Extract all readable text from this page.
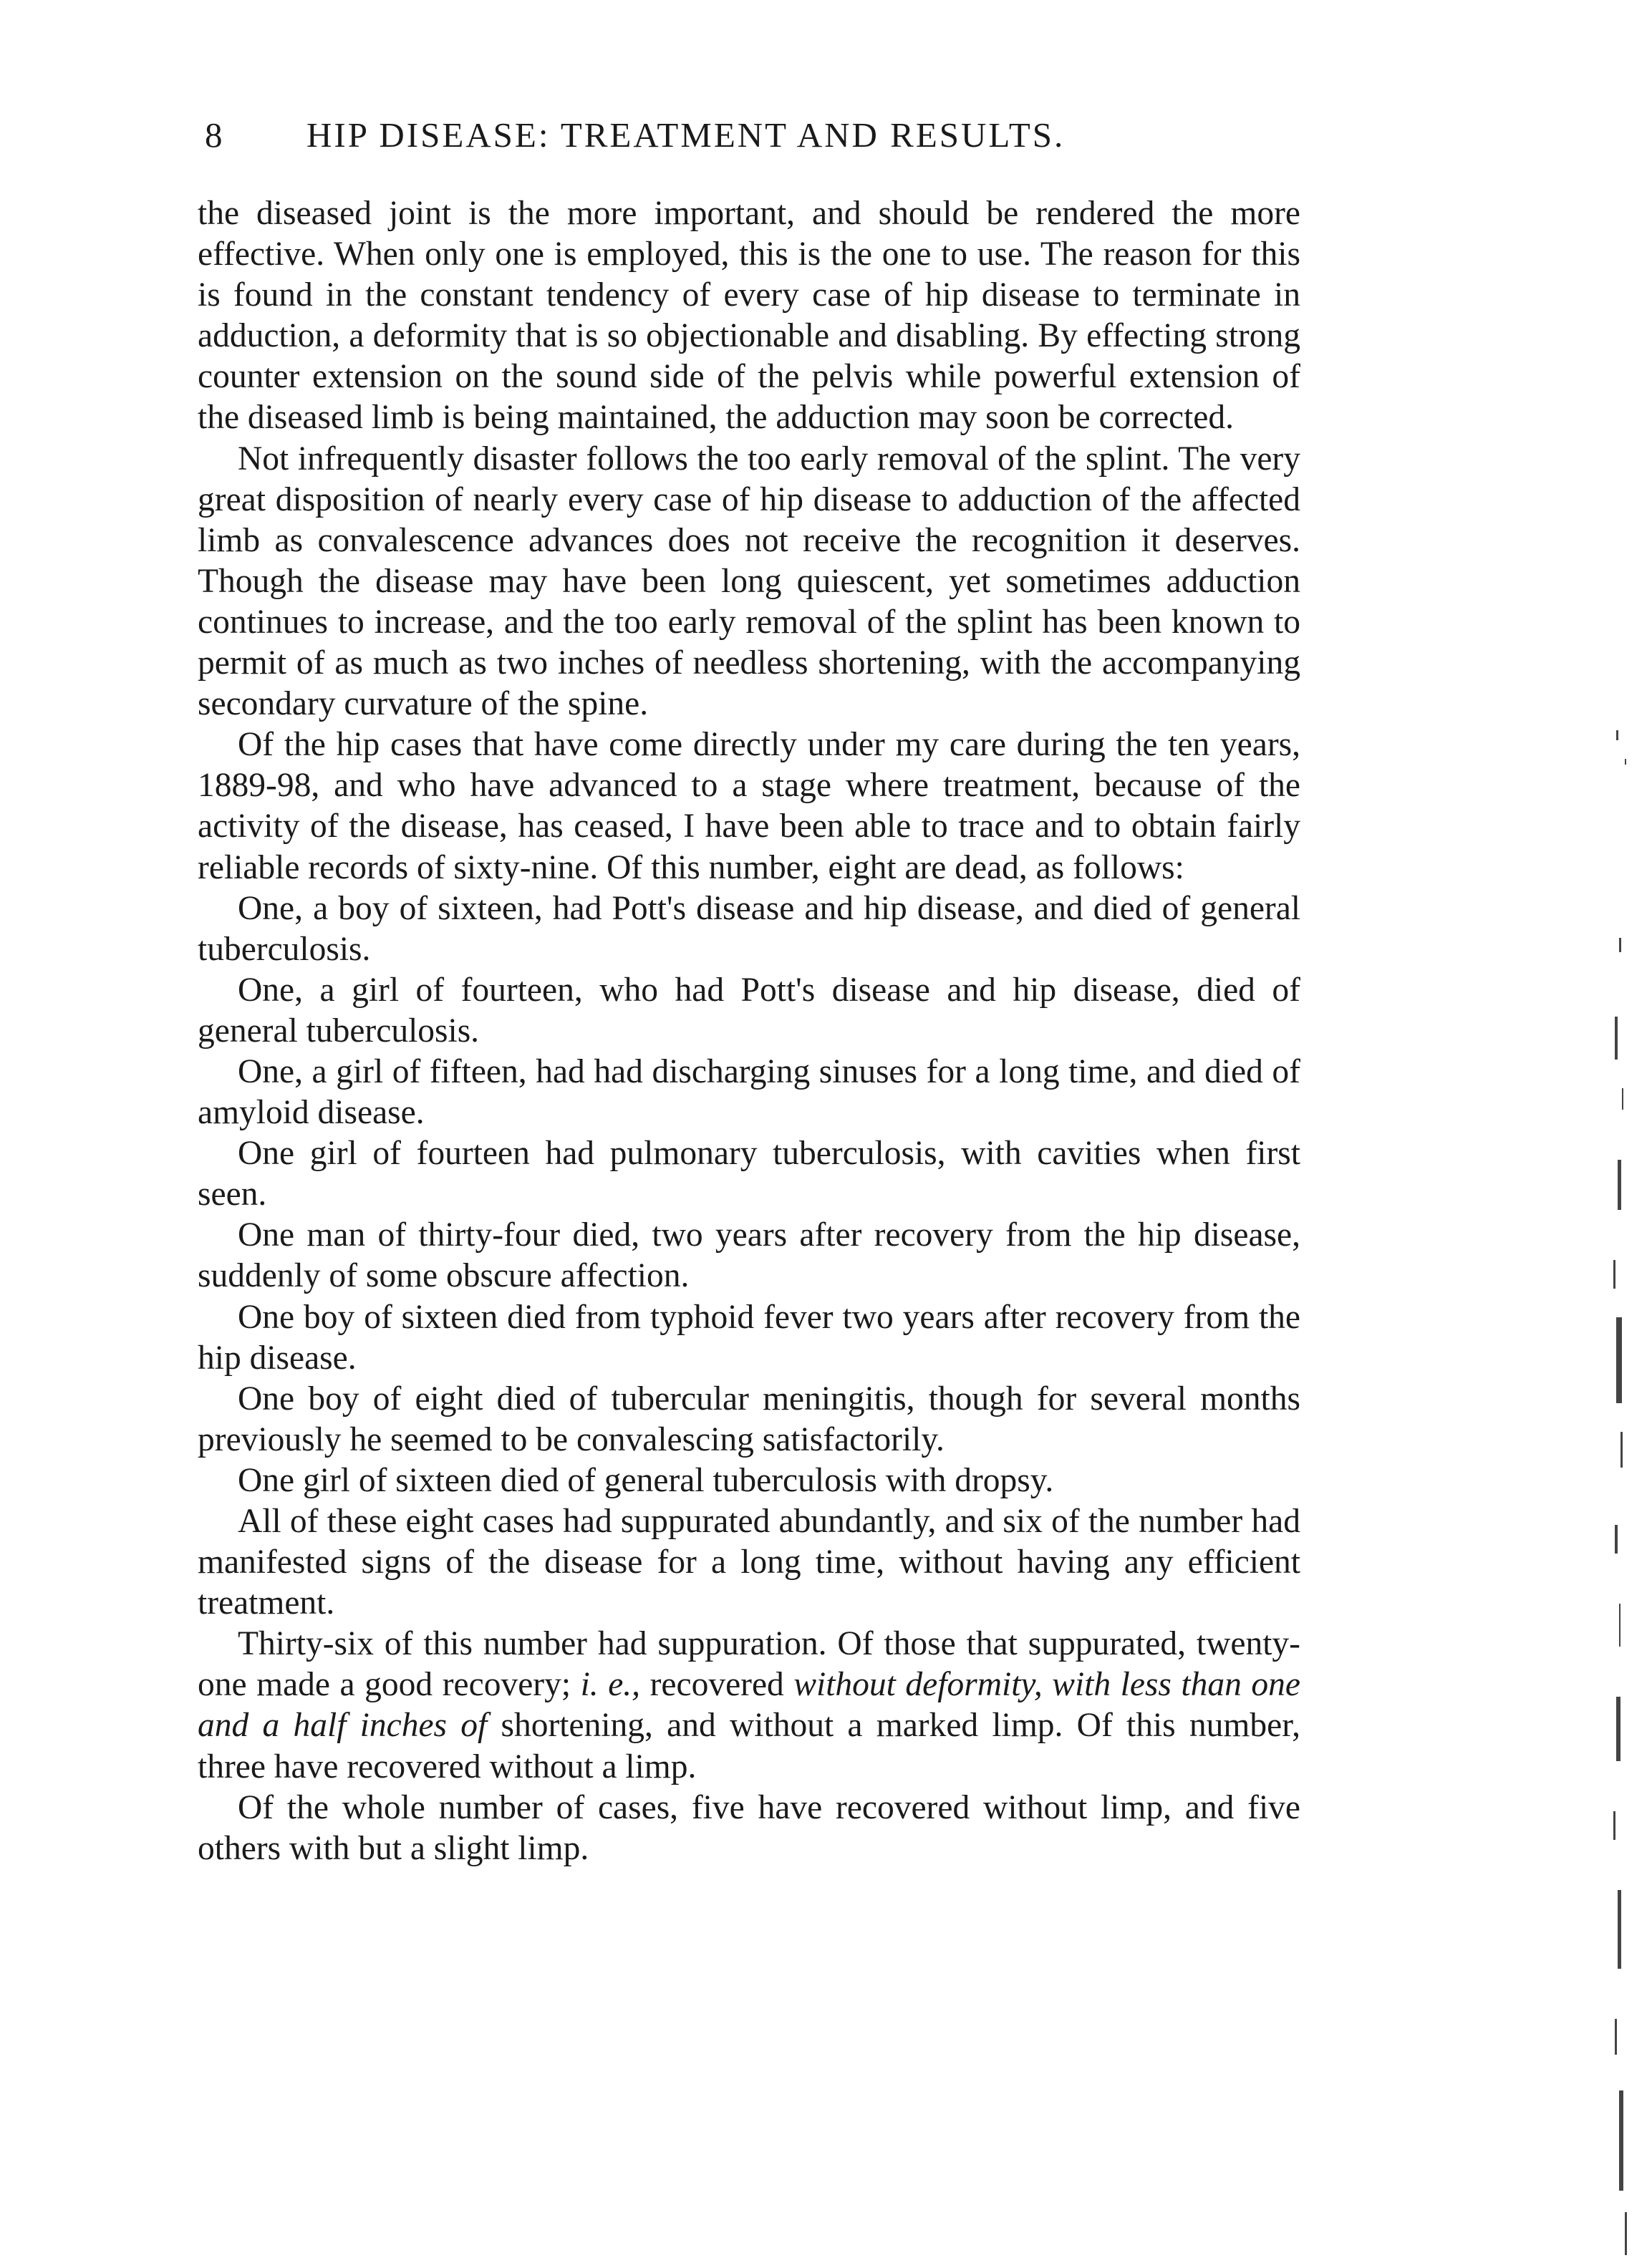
8 HIP DISEASE: TREATMENT AND RESULTS.

the diseased joint is the more important, and should be rendered the more effective. When only one is employed, this is the one to use. The reason for this is found in the constant tendency of every case of hip disease to terminate in adduction, a deformity that is so objectionable and disabling. By effecting strong counter extension on the sound side of the pelvis while powerful extension of the diseased limb is being maintained, the adduction may soon be corrected.

Not infrequently disaster follows the too early removal of the splint. The very great disposition of nearly every case of hip disease to adduction of the affected limb as convalescence advances does not receive the recognition it deserves. Though the disease may have been long quiescent, yet sometimes adduction continues to increase, and the too early removal of the splint has been known to permit of as much as two inches of needless shortening, with the accompanying secondary curvature of the spine.

Of the hip cases that have come directly under my care during the ten years, 1889-98, and who have advanced to a stage where treatment, because of the activity of the disease, has ceased, I have been able to trace and to obtain fairly reliable records of sixty-nine. Of this number, eight are dead, as follows:

One, a boy of sixteen, had Pott's disease and hip disease, and died of general tuberculosis.

One, a girl of fourteen, who had Pott's disease and hip disease, died of general tuberculosis.

One, a girl of fifteen, had had discharging sinuses for a long time, and died of amyloid disease.

One girl of fourteen had pulmonary tuberculosis, with cavities when first seen.

One man of thirty-four died, two years after recovery from the hip disease, suddenly of some obscure affection.

One boy of sixteen died from typhoid fever two years after recovery from the hip disease.

One boy of eight died of tubercular meningitis, though for several months previously he seemed to be convalescing satisfactorily.

One girl of sixteen died of general tuberculosis with dropsy.

All of these eight cases had suppurated abundantly, and six of the number had manifested signs of the disease for a long time, without having any efficient treatment.

Thirty-six of this number had suppuration. Of those that suppurated, twenty-one made a good recovery; i. e., recovered without deformity, with less than one and a half inches of shortening, and without a marked limp. Of this number, three have recovered without a limp.

Of the whole number of cases, five have recovered without limp, and five others with but a slight limp.
